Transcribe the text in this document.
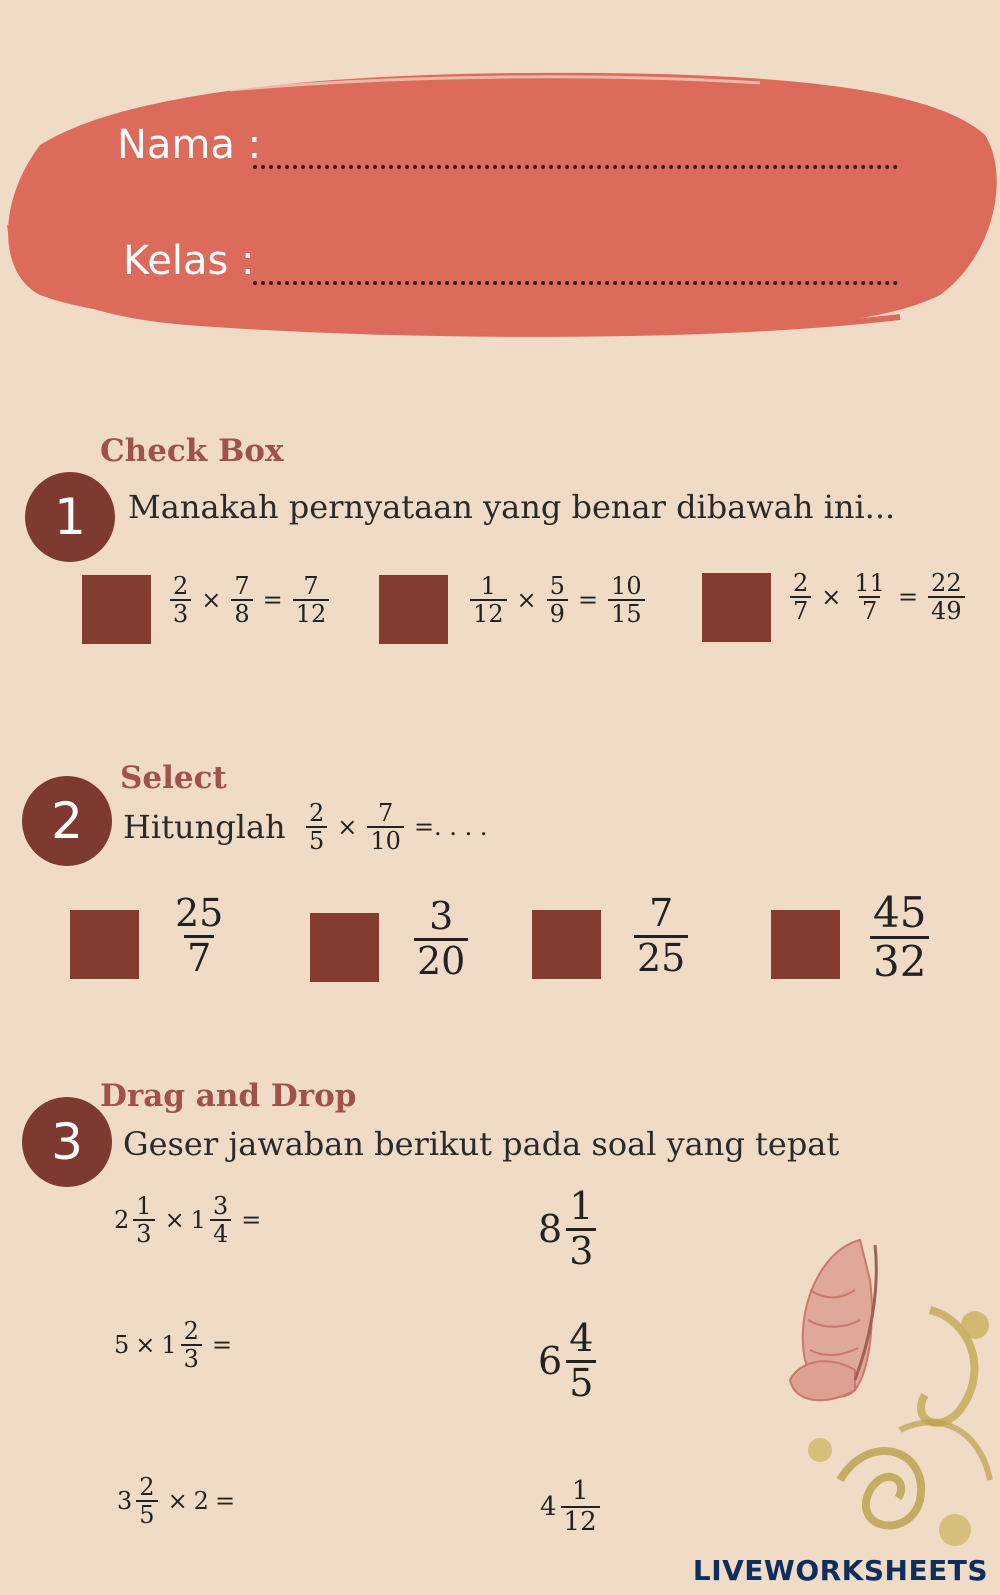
Nama :
Kelas :
Check Box
1	Manakah pernyataan yang benar dibawah ini...
$\frac{2}{3} \times \frac{7}{8} = \frac{7}{12}$	$\frac{1}{12} \times \frac{5}{9} = \frac{10}{15}$	$\frac{2}{7} \times \frac{11}{7} = \frac{22}{49}$
Select
2	Hitunglah $\frac{2}{5} \times \frac{7}{10}$ =. . . .
$\frac{25}{7}$	$\frac{3}{20}$	$\frac{7}{25}$	$\frac{45}{32}$
Drag and Drop
3	Geser jawaban berikut pada soal yang tepat
$2 \frac{1}{3} \times 1 \frac{3}{4}$ =
$5 \times 1 \frac{2}{3}$ =
$3 \frac{2}{5} \times 2$ =
$8 \frac{1}{3}$
$6 \frac{4}{5}$
$4 \frac{1}{12}$
LIVEWORKSHEETS
